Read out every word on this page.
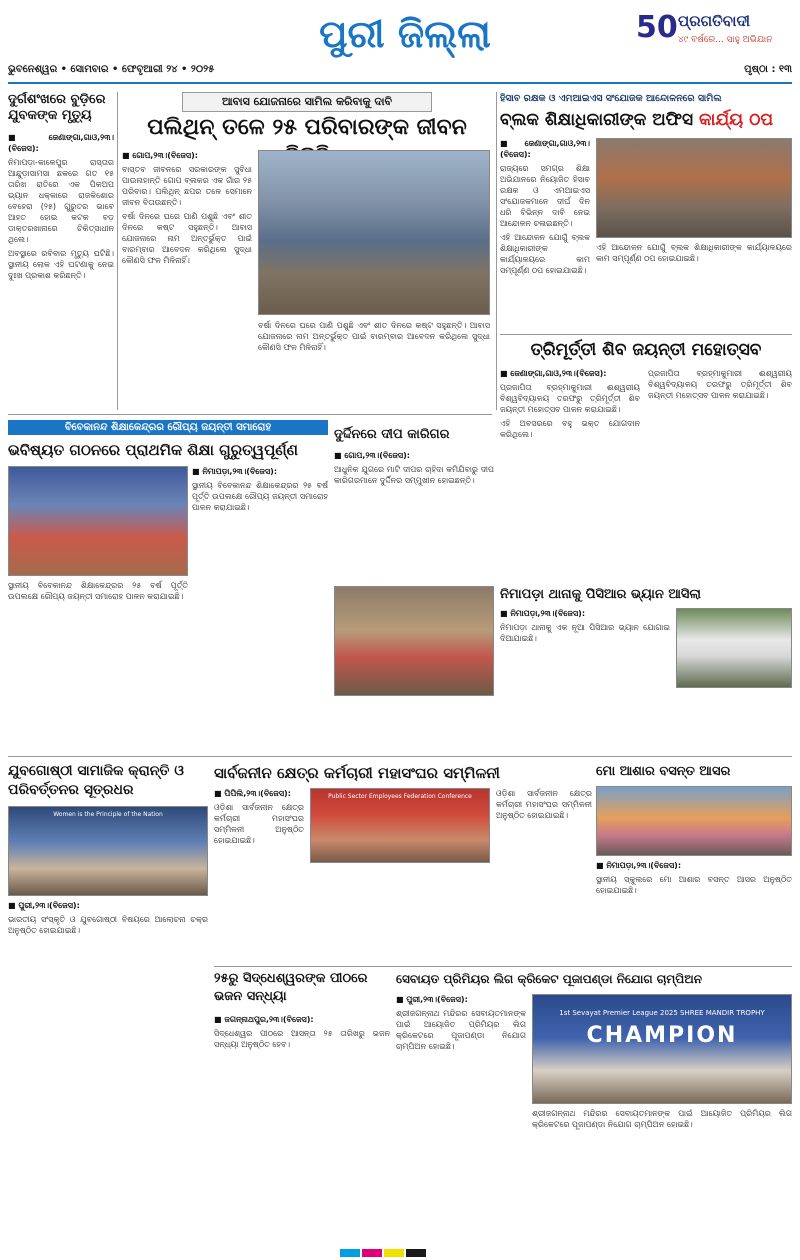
ପୁରୀ ଜିଲ୍ଲା	50 ପ୍ରଗତିବାଦୀ
୪୯ ବର୍ଷରେ... ସାହୁ ଅଭିଯାନ
ଭୁବନେଶ୍ୱର • ସୋମବାର • ଫେବୃଆରୀ ୨୪ • ୨୦୨୫	ପୃଷ୍ଠା : ୧୩
ଦୁର୍ଗଶଂଖରେ ବୁଡ଼ିରେ ଯୁବକଙ୍କ ମୃତ୍ୟୁ

■ ଜେଣାଙ୍ଗା,ଗାଓ,୨୩।(ବିଜେସ):

ନିମାପଡ଼ା-କାଳେପୁର ରାସ୍ତାର ଆନ୍ଦୁଡ଼ାସାମସା ଛକରେ ଗତ ୧୫ ତାରିଖ ରାତିରେ ଏକ ପିକଅପ ଭ୍ୟାନ ଧକ୍କାରେ ରାଜକିଶୋର ବେହେରା (୨୫) ଗୁରୁତର ଭାବେ ଆହତ ହୋଇ କଟକ ବଡ଼ ଡାକ୍ତରଖାନାରେ ଚିକିତ୍ସାଧୀନ ଥିଲେ।

ଅବସ୍ଥାରେ ରବିବାର ମୃତ୍ୟୁ ଘଟିଛି। ସ୍ଥାନୀୟ ଲୋକ ଏହି ଘଟଣାକୁ ନେଇ ଦୁଃଖ ପ୍ରକାଶ କରିଛନ୍ତି।

ଆବାସ ଯୋଜନାରେ ସାମିଲ କରିବାକୁ ଦାବି
ପଲିଥିନ୍ ତଳେ ୨୫ ପରିବାରଙ୍କ ଜୀବନ

■ ଗୋପ,୨୩।(ବିଜେସ):

ବାସ୍ତବ ଜୀବନରେ ସରକାରଙ୍କ ସୁବିଧା ପାଉନାହାନ୍ତି ଗୋପ ବ୍ଲକର ଏକ ଗାଁର ୨୫ ପରିବାର। ପଲିଥିନ୍ ଛପର ତଳେ ସେମାନେ ଜୀବନ ବିତାଉଛନ୍ତି।

ବର୍ଷା ଦିନରେ ଘରେ ପାଣି ପଶୁଛି ଏବଂ ଶୀତ ଦିନରେ କଷ୍ଟ ସହୁଛନ୍ତି। ଆବାସ ଯୋଜନାରେ ନାମ ଅନ୍ତର୍ଭୁକ୍ତ ପାଇଁ ବାରମ୍ବାର ଆବେଦନ କରିଥିଲେ ସୁଦ୍ଧା କୌଣସି ଫଳ ମିଳିନାହିଁ।

ବର୍ଷା ଦିନରେ ଘରେ ପାଣି ପଶୁଛି ଏବଂ ଶୀତ ଦିନରେ କଷ୍ଟ ସହୁଛନ୍ତି। ଆବାସ ଯୋଜନାରେ ନାମ ଅନ୍ତର୍ଭୁକ୍ତ ପାଇଁ ବାରମ୍ବାର ଆବେଦନ କରିଥିଲେ ସୁଦ୍ଧା କୌଣସି ଫଳ ମିଳିନାହିଁ।

ହିସାବ ରକ୍ଷକ ଓ ଏମଆଇଏସ ସଂଯୋଜକ ଆନ୍ଦୋଳନରେ ସାମିଲ
ବ୍ଲକ ଶିକ୍ଷାଧିକାରୀଙ୍କ ଅଫିସ କାର୍ଯ୍ୟ ଠପ

■ ଜେଣାଙ୍ଗା,ଗାଓ,୨୩।(ବିଜେସ):

ରାଜ୍ୟରେ ସମଗ୍ର ଶିକ୍ଷା ଅଭିଯାନରେ ନିୟୋଜିତ ହିସାବ ରକ୍ଷକ ଓ ଏମଆଇଏସ ସଂଯୋଜକମାନେ ଦୀର୍ଘ ଦିନ ଧରି ବିଭିନ୍ନ ଦାବି ନେଇ ଆନ୍ଦୋଳନ ଚଳାଇଛନ୍ତି।

ଏହି ଆନ୍ଦୋଳନ ଯୋଗୁଁ ବ୍ଲକ ଶିକ୍ଷାଧିକାରୀଙ୍କ କାର୍ଯ୍ୟାଳୟରେ କାମ ସମ୍ପୂର୍ଣ୍ଣ ଠପ ହୋଇଯାଇଛି।

ଏହି ଆନ୍ଦୋଳନ ଯୋଗୁଁ ବ୍ଲକ ଶିକ୍ଷାଧିକାରୀଙ୍କ କାର୍ଯ୍ୟାଳୟରେ କାମ ସମ୍ପୂର୍ଣ୍ଣ ଠପ ହୋଇଯାଇଛି।

ତ୍ରିମୂର୍ତ୍ତୀ ଶିବ ଜୟନ୍ତୀ ମହୋତ୍ସବ

■ ଜେଣାଙ୍ଗା,ଗାଓ,୨୩।(ବିଜେସ):

ପ୍ରଜାପିତା ବ୍ରହ୍ମାକୁମାରୀ ଈଶ୍ୱରୀୟ ବିଶ୍ୱବିଦ୍ୟାଳୟ ତରଫରୁ ତ୍ରିମୂର୍ତ୍ତୀ ଶିବ ଜୟନ୍ତୀ ମହୋତ୍ସବ ପାଳନ କରାଯାଇଛି।

ଏହି ଅବସରରେ ବହୁ ଭକ୍ତ ଯୋଗଦାନ କରିଥିଲେ।

ପ୍ରଜାପିତା ବ୍ରହ୍ମାକୁମାରୀ ଈଶ୍ୱରୀୟ ବିଶ୍ୱବିଦ୍ୟାଳୟ ତରଫରୁ ତ୍ରିମୂର୍ତ୍ତୀ ଶିବ ଜୟନ୍ତୀ ମହୋତ୍ସବ ପାଳନ କରାଯାଇଛି।

ବିବେକାନନ୍ଦ ଶିକ୍ଷାକେନ୍ଦ୍ରର ରୌପ୍ୟ ଜୟନ୍ତୀ ସମାରୋହ
ଭବିଷ୍ୟତ ଗଠନରେ ପ୍ରାଥମିକ ଶିକ୍ଷା ଗୁରୁତ୍ୱପୂର୍ଣ୍ଣ

■ ନିମାପଡ଼ା,୨୩।(ବିଜେସ):

ସ୍ଥାନୀୟ ବିବେକାନନ୍ଦ ଶିକ୍ଷାକେନ୍ଦ୍ରର ୨୫ ବର୍ଷ ପୂର୍ତ୍ତି ଉପଲକ୍ଷେ ରୌପ୍ୟ ଜୟନ୍ତୀ ସମାରୋହ ପାଳନ କରାଯାଇଛି।

ସ୍ଥାନୀୟ ବିବେକାନନ୍ଦ ଶିକ୍ଷାକେନ୍ଦ୍ରର ୨୫ ବର୍ଷ ପୂର୍ତ୍ତି ଉପଲକ୍ଷେ ରୌପ୍ୟ ଜୟନ୍ତୀ ସମାରୋହ ପାଳନ କରାଯାଇଛି।

ଦୁର୍ଦ୍ଦିନରେ ଦୀପ କାରିଗର

■ ଗୋପ,୨୩।(ବିଜେସ):

ଆଧୁନିକ ଯୁଗରେ ମାଟି ଦୀପର ଚାହିଦା କମିଯିବାରୁ ଦୀପ କାରିଗରମାନେ ଦୁର୍ଦ୍ଦିନର ସମ୍ମୁଖୀନ ହୋଇଛନ୍ତି।

ନିମାପଡ଼ା ଥାନାକୁ ପିସିଆର ଭ୍ୟାନ ଆସିଲା

■ ନିମାପଡ଼ା,୨୩।(ବିଜେସ):

ନିମାପଡ଼ା ଥାନାକୁ ଏକ ନୂଆ ପିସିଆର ଭ୍ୟାନ ଯୋଗାଇ ଦିଆଯାଇଛି।

ଯୁବଗୋଷ୍ଠୀ ସାମାଜିକ କ୍ରାନ୍ତି ଓ ପରିବର୍ତ୍ତନର ସୂତ୍ରଧର
Women is the Principle of the Nation

■ ପୁରୀ,୨୩।(ବିଜେସ):

ଭାରତୀୟ ସଂସ୍କୃତି ଓ ଯୁବଗୋଷ୍ଠୀ ବିଷୟରେ ଆଲୋଚନା ଚକ୍ର ଅନୁଷ୍ଠିତ ହୋଇଯାଇଛି।

ସାର୍ବଜନୀନ କ୍ଷେତ୍ର କର୍ମଚାରୀ ମହାସଂଘର ସମ୍ମିଳନୀ

■ ପିପିଲି,୨୩।(ବିଜେସ):

ଓଡ଼ିଶା ସାର୍ବଜନୀନ କ୍ଷେତ୍ର କର୍ମଚାରୀ ମହାସଂଘର ସମ୍ମିଳନୀ ଅନୁଷ୍ଠିତ ହୋଇଯାଇଛି।

Public Sector Employees Federation Conference	ଓଡ଼ିଶା ସାର୍ବଜନୀନ କ୍ଷେତ୍ର କର୍ମଚାରୀ ମହାସଂଘର ସମ୍ମିଳନୀ ଅନୁଷ୍ଠିତ ହୋଇଯାଇଛି।

ମୋ ଆଶାର ବସନ୍ତ ଆସର

■ ନିମାପଡ଼ା,୨୩।(ବିଜେସ):

ସ୍ଥାନୀୟ ସ୍କୁଲରେ ମୋ ଆଶାର ବସନ୍ତ ଆସର ଅନୁଷ୍ଠିତ ହୋଇଯାଇଛି।

୨୫ରୁ ସିଦ୍ଧେଶ୍ୱରଙ୍କ ପୀଠରେ ଭଜନ ସନ୍ଧ୍ୟା

■ ଜଗନ୍ନାଥପୁର,୨୩।(ବିଜେସ):

ସିଦ୍ଧେଶ୍ୱର ପୀଠରେ ଆସନ୍ତା ୨୫ ତାରିଖରୁ ଭଜନ ସନ୍ଧ୍ୟା ଅନୁଷ୍ଠିତ ହେବ।

ସେବାୟତ ପ୍ରିମିୟର ଲିଗ କ୍ରିକେଟ ପୂଜାପଣ୍ଡା ନିଯୋଗ ଚାମ୍ପିଅନ

■ ପୁରୀ,୨୩।(ବିଜେସ):

ଶ୍ରୀଜଗନ୍ନାଥ ମନ୍ଦିରର ସେବାୟତମାନଙ୍କ ପାଇଁ ଆୟୋଜିତ ପ୍ରିମିୟର ଲିଗ କ୍ରିକେଟରେ ପୂଜାପଣ୍ଡା ନିଯୋଗ ଚାମ୍ପିଅନ ହୋଇଛି।

1st Sevayat Premier League 2025 SHREE MANDIR TROPHY
CHAMPION

ଶ୍ରୀଜଗନ୍ନାଥ ମନ୍ଦିରର ସେବାୟତମାନଙ୍କ ପାଇଁ ଆୟୋଜିତ ପ୍ରିମିୟର ଲିଗ କ୍ରିକେଟରେ ପୂଜାପଣ୍ଡା ନିଯୋଗ ଚାମ୍ପିଅନ ହୋଇଛି।
